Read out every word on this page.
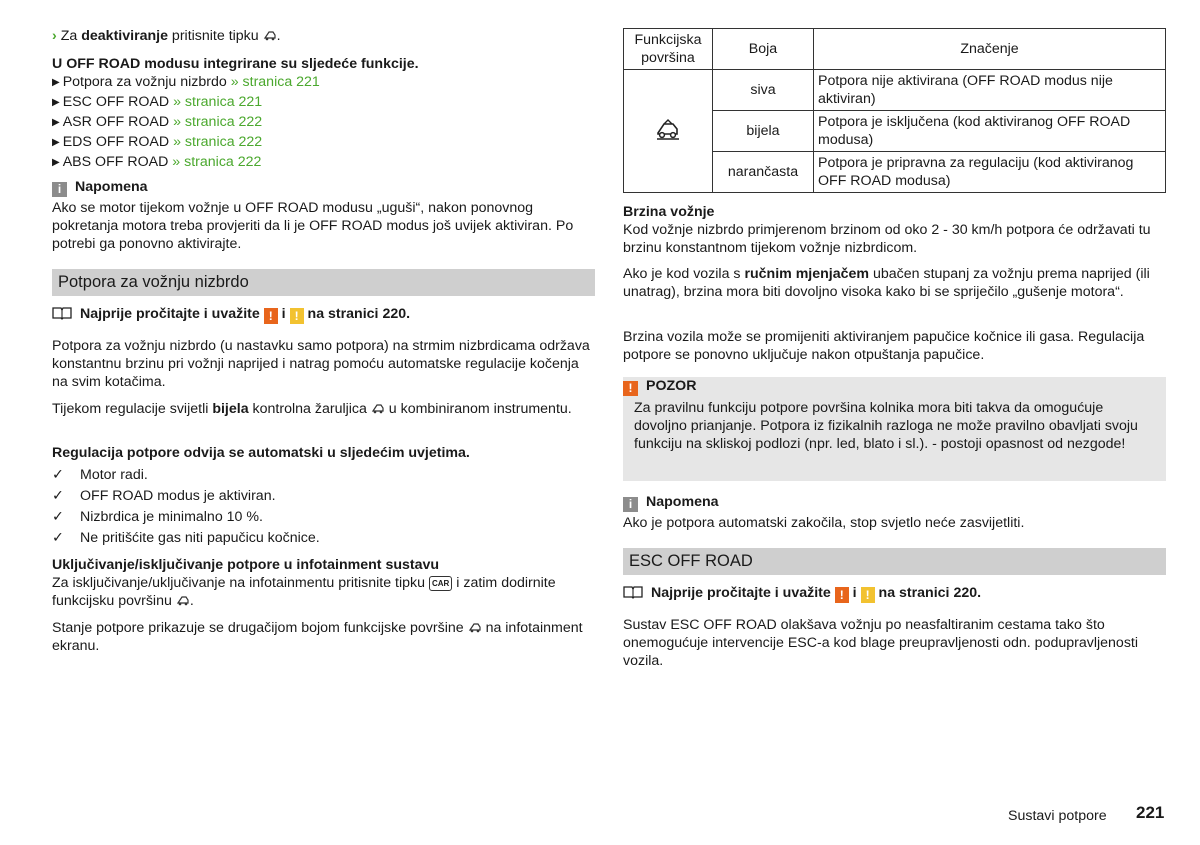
› Za deaktiviranje pritisnite tipku .
U OFF ROAD modusu integrirane su sljedeće funkcije.
▶ Potpora za vožnju nizbrdo » stranica 221
▶ ESC OFF ROAD » stranica 221
▶ ASR OFF ROAD » stranica 222
▶ EDS OFF ROAD » stranica 222
▶ ABS OFF ROAD » stranica 222
i Napomena
Ako se motor tijekom vožnje u OFF ROAD modusu „uguši“, nakon ponovnog pokretanja motora treba provjeriti da li je OFF ROAD modus još uvijek aktiviran. Po potrebi ga ponovno aktivirajte.
Potpora za vožnju nizbrdo
Najprije pročitajte i uvažite ! i ! na stranici 220.
Potpora za vožnju nizbrdo (u nastavku samo potpora) na strmim nizbrdicama održava konstantnu brzinu pri vožnji naprijed i natrag pomoću automatske regulacije kočenja na svim kotačima.
Tijekom regulacije svijetli bijela kontrolna žaruljica  u kombiniranom instrumentu.
Regulacija potpore odvija se automatski u sljedećim uvjetima.
✓ Motor radi.
✓ OFF ROAD modus je aktiviran.
✓ Nizbrdica je minimalno 10 %.
✓ Ne pritišćite gas niti papučicu kočnice.
Uključivanje/isključivanje potpore u infotainment sustavu
Za isključivanje/uključivanje na infotainmentu pritisnite tipku CAR i zatim dodirnite funkcijsku površinu .
Stanje potpore prikazuje se drugačijom bojom funkcijske površine na infotainment ekranu.
Funkcijska površina	Boja	Značenje
	siva	Potpora nije aktivirana (OFF ROAD modus nije aktiviran)
	bijela	Potpora je isključena (kod aktiviranog OFF ROAD modusa)
	narančasta	Potpora je pripravna za regulaciju (kod aktiviranog OFF ROAD modusa)
Brzina vožnje
Kod vožnje nizbrdo primjerenom brzinom od oko 2 - 30 km/h potpora će održavati tu brzinu konstantnom tijekom vožnje nizbrdicom.
Ako je kod vozila s ručnim mjenjačem ubačen stupanj za vožnju prema naprijed (ili unatrag), brzina mora biti dovoljno visoka kako bi se spriječilo „gušenje motora“.
Brzina vozila može se promijeniti aktiviranjem papučice kočnice ili gasa. Regulacija potpore se ponovno uključuje nakon otpuštanja papučice.
! POZOR
Za pravilnu funkciju potpore površina kolnika mora biti takva da omogućuje dovoljno prianjanje. Potpora iz fizikalnih razloga ne može pravilno obavljati svoju funkciju na skliskoj podlozi (npr. led, blato i sl.). - postoji opasnost od nezgode!
i Napomena
Ako je potpora automatski zakočila, stop svjetlo neće zasvijetliti.
ESC OFF ROAD
Najprije pročitajte i uvažite ! i ! na stranici 220.
Sustav ESC OFF ROAD olakšava vožnju po neasfaltiranim cestama tako što onemogućuje intervencije ESC-a kod blage preupravljenosti odn. podupravljenosti vozila.
Sustavi potpore 221
